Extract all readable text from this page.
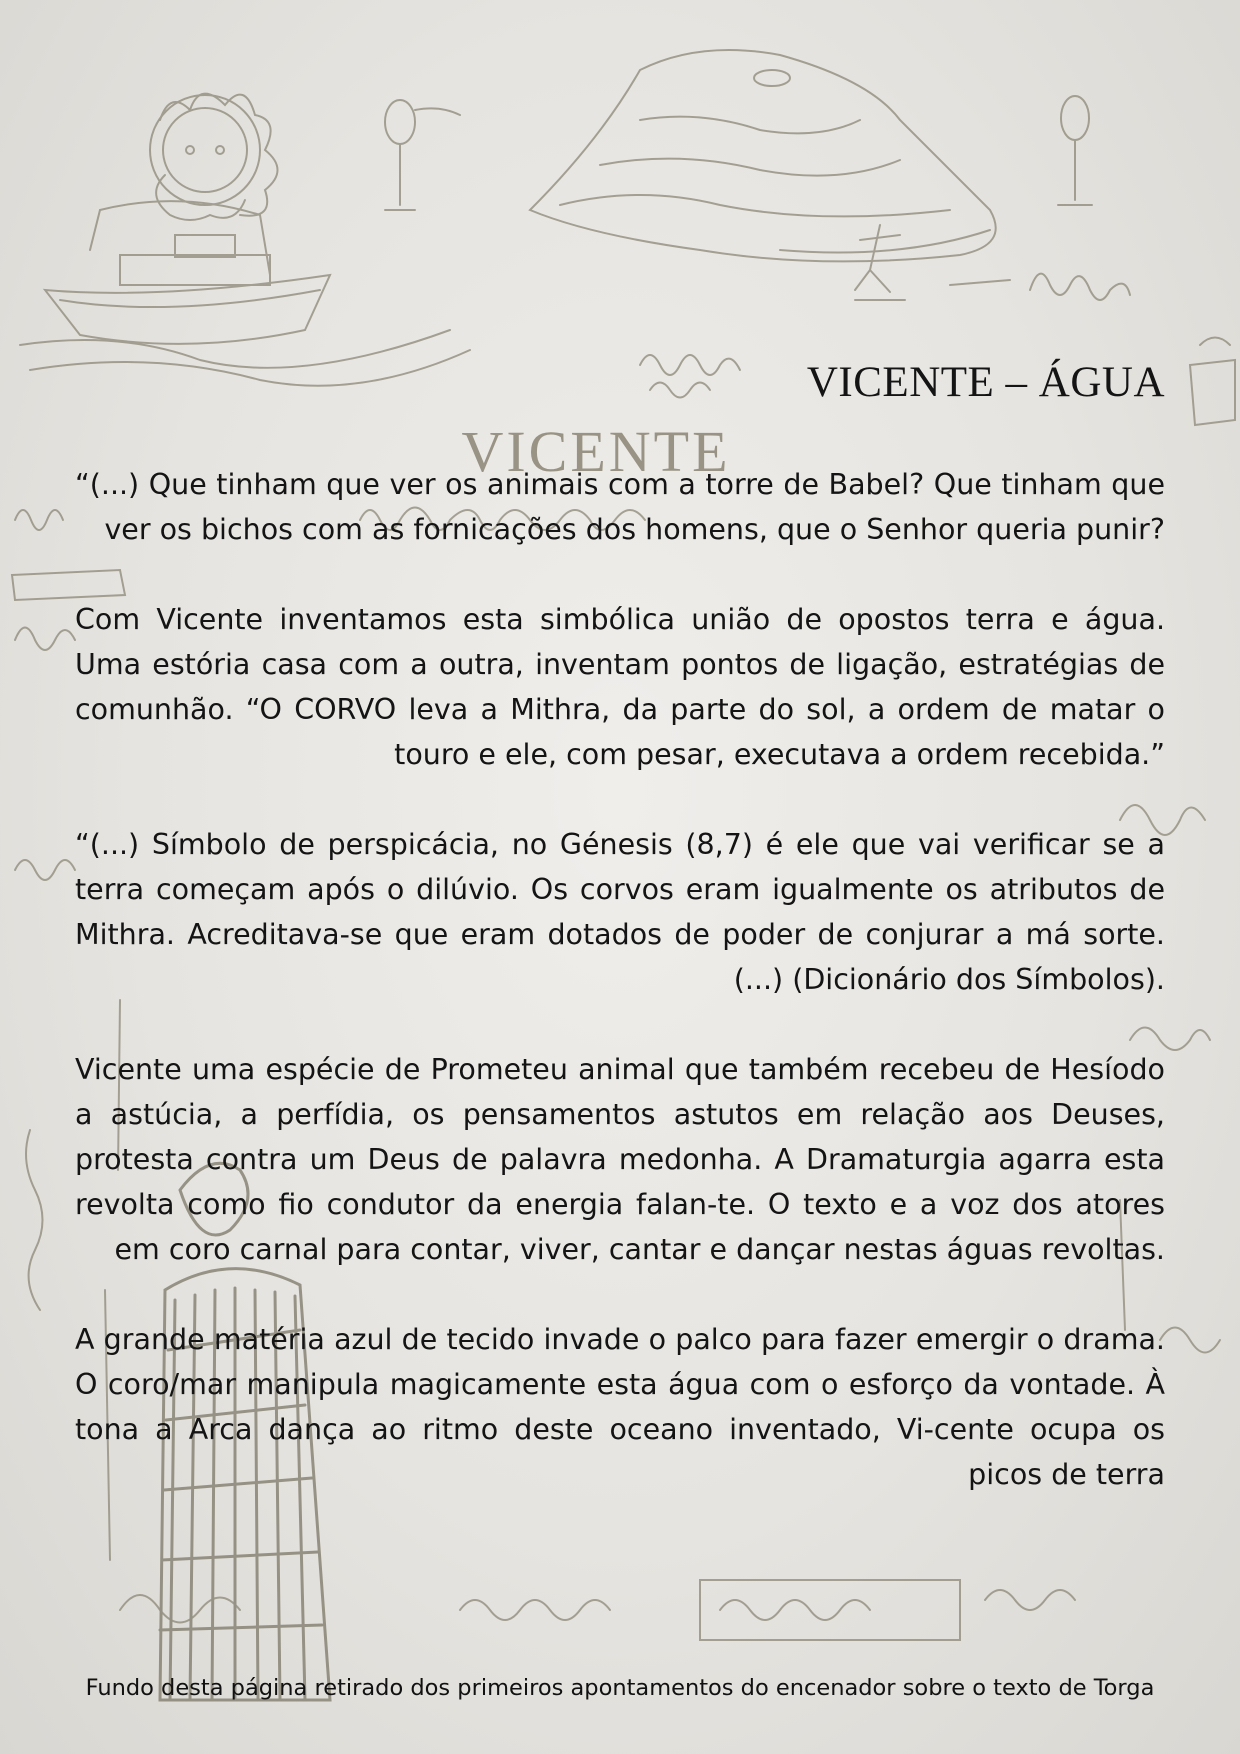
VICENTE
VICENTE – ÁGUA

“(...) Que tinham que ver os animais com a torre de Babel? Que tinham que ver os bichos com as fornicações dos homens, que o Senhor queria punir?

Com Vicente inventamos esta simbólica união de opostos terra e água. Uma estória casa com a outra, inventam pontos de ligação, estratégias de comunhão. “O CORVO leva a Mithra, da parte do sol, a ordem de matar o touro e ele, com pesar, executava a ordem recebida.”

“(...) Símbolo de perspicácia, no Génesis (8,7) é ele que vai verificar se a terra começam após o dilúvio. Os corvos eram igualmente os atributos de Mithra. Acreditava-se que eram dotados de poder de conjurar a má sorte.(...) (Dicionário dos Símbolos).

Vicente uma espécie de Prometeu animal que também recebeu de Hesíodo a astúcia, a perfídia, os pensamentos astutos em relação aos Deuses, protesta contra um Deus de palavra medonha. A Dramaturgia agarra esta revolta como fio condutor da energia falan-te. O texto e a voz dos atores em coro carnal para contar, viver, cantar e dançar nestas águas revoltas.

A grande matéria azul de tecido invade o palco para fazer emergir o drama. O coro/mar manipula magicamente esta água com o esforço da vontade. À tona a Arca dança ao ritmo deste oceano inventado, Vi-cente ocupa os picos de terra

Fundo desta página retirado dos primeiros apontamentos do encenador sobre o texto de Torga
